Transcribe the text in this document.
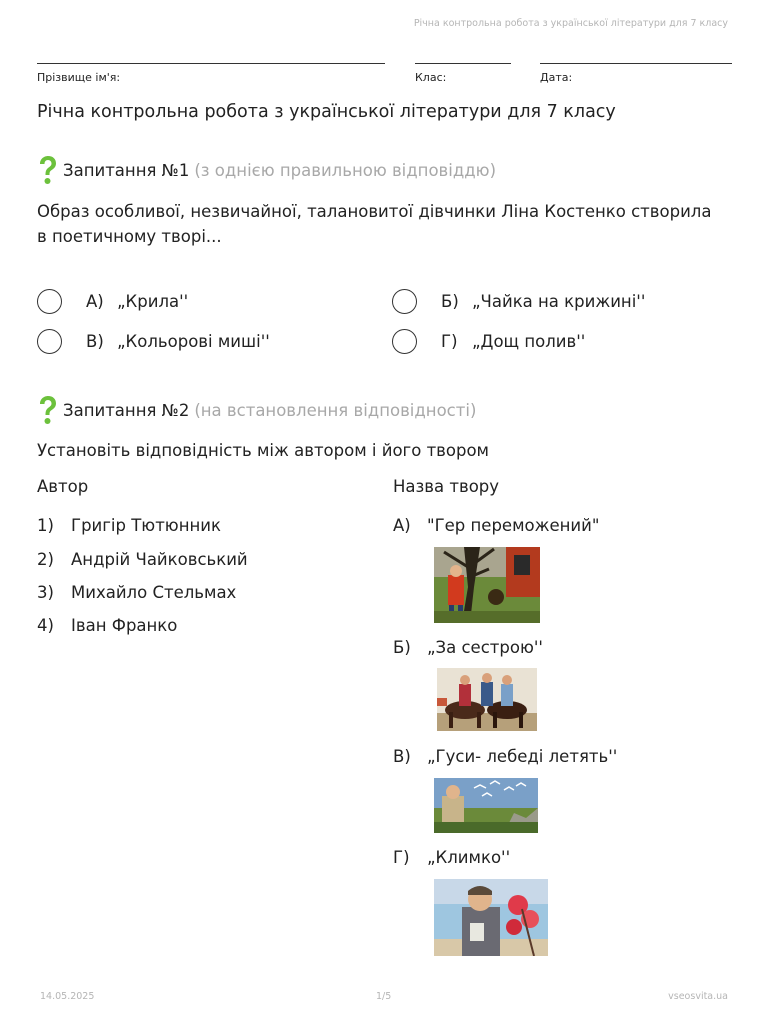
Річна контрольна робота з української літератури для 7 класу
Прізвище ім'я:	Клас:	Дата:
Річна контрольна робота з української літератури для 7 класу
Запитання №1 (з однією правильною відповіддю)
Образ особливої, незвичайної, талановитої дівчинки Ліна Костенко створила
в поетичному творі...
А) „Крила''	Б) „Чайка на крижині''
В) „Кольорові миші''	Г) „Дощ полив''
Запитання №2 (на встановлення відповідності)
Установіть відповідність між автором і його твором
Автор	Назва твору
1)	Григір Тютюнник
2)	Андрій Чайковський
3)	Михайло Стельмах
4)	Іван Франко
А) "Гер переможений"
Б) „За сестрою''
В) „Гуси- лебеді летять''
Г)	„Климко''
14.05.2025	1/5	vseosvita.ua
